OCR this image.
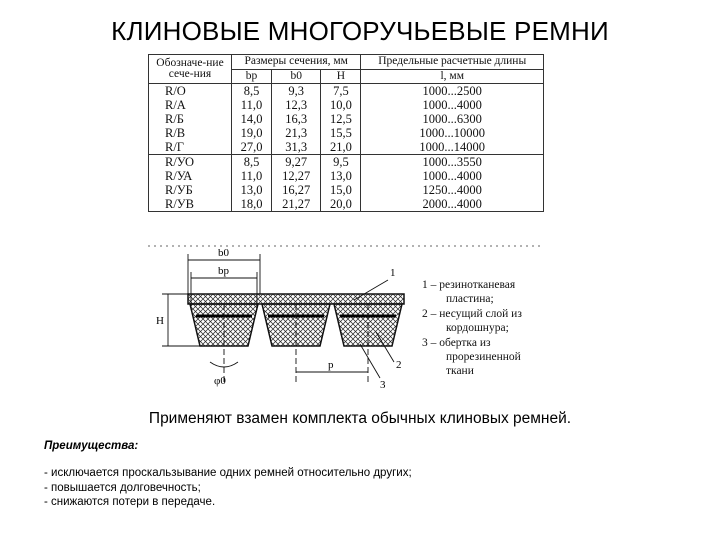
КЛИНОВЫЕ МНОГОРУЧЬЕВЫЕ РЕМНИ
Обозначе-ние сече-ния	Размеры сечения, мм			Предельные расчетные длины
	bр	b0	H	l, мм
R/O	8,5	9,3	7,5	1000...2500
R/A	11,0	12,3	10,0	1000...4000
R/Б	14,0	16,3	12,5	1000...6300
R/B	19,0	21,3	15,5	1000...10000
R/Г	27,0	31,3	21,0	1000...14000
R/УО	8,5	9,27	9,5	1000...3550
R/УА	11,0	12,27	13,0	1000...4000
R/УБ	13,0	16,27	15,0	1250...4000
R/УВ	18,0	21,27	20,0	2000...4000
b0
bp
H
φ0
p
1
2
3
1 – резинотканевая
пластина;
2 – несущий слой из
кордошнура;
3 – обертка из
прорезиненной
ткани
Применяют взамен комплекта обычных клиновых ремней.
Преимущества:
- исключается проскальзывание одних ремней относительно других;
- повышается долговечность;
- снижаются потери в передаче.
